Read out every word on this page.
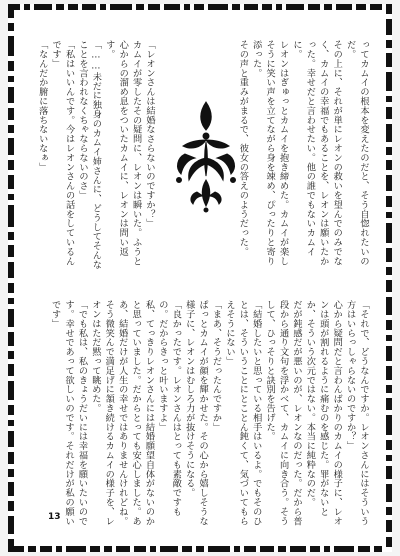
ってカムイの根本を変えたのだと、そう自惚れたいのだ。

その上に、それが単にレオンの救いを望んでのみでなく、カムイの幸福でもあることを、レオンは願いたかった。幸せだと言わせたい。他の誰でもないカムイに。

レオンはぎゅっとカムイを抱き締めた。カムイが楽しそうに笑い声を立てながら身を竦め、ぴったりと寄り添った。

その声と重みがまるで、彼女の答えのようだった。

「レオンさんは結婚なさらないのですか？」

カムイが零したその疑問に、レオンは瞬いた。ふうと心からの溜め息をついたカムイに、レオンは問い返す。

「……未だに独身のカムイ姉さんに、どうしてそんなことを言われなくちゃならないのさ」

「私はいいんです。今はレオンさんの話をしているんです」

「なんだか腑に落ちないなぁ」

「それで、どうなんですか。レオンさんにはそういう方はいらっしゃらないのですか？」

心から疑問だと言わんばかりのカムイの様子に、レオンは頭が割れるように痛むのを感じた。罪がないとか、そういう次元ではない。本当に純粋なのだ。

だが鈍感だが悪いのが、レオンなのだった。だから普段から通り文句を浮かべて、カムイに向き合う。そうして、ひっそりと訣別を告げた。

「結婚したいと思っている相手はいるよ。でもそのひとは、そういうことにとことん鈍くて、気づいてもらえそうにない」

「まあ、そうだったんですか」

ぱっとカムイが顔を輝かせた。その心から嬉しそうな様子に、レオンはむしろ力が抜けそうになる。

「良かったです。レオンさんはとっても素敵ですもの。だからきっと叶いますよ」

私、てっきりレオンさんには結婚願望自体がないのかと思っていました。だからとっても安心しました。ああ、結婚だけが人生の幸せではありませんけれどね。

そう微笑んで満足げに頷き続けるカムイの様子を、レオンはただ黙って眺めた。

「でも私は、私のきょうだいには幸福を願いたいのです。幸せであって欲しいのです。それだけが私の願いです」

13
